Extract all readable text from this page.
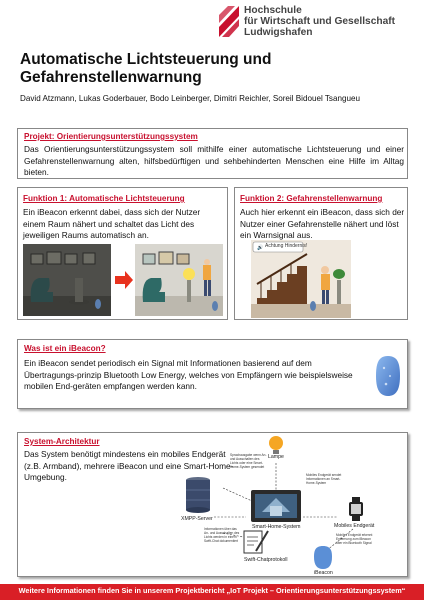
Hochschule
für Wirtschaft und Gesellschaft
Ludwigshafen
Automatische Lichtsteuerung und Gefahrenstellenwarnung
David Atzmann, Lukas Goderbauer, Bodo Leinberger, Dimitri Reichler, Soreil Bidouel Tsangueu
Projekt: Orientierungsunterstützungssystem
Das Orientierungsunterstützungssystem soll mithilfe einer automatische Lichtsteuerung und einer Gefahrenstellenwarnung alten, hilfsbedürftigen und sehbehinderten Menschen eine Hilfe im Alltag bieten.
Funktion 1: Automatische Lichtsteuerung
Ein iBeacon erkennt dabei, dass sich der Nutzer einem Raum nähert und schaltet das Licht des jeweiligen Raums automatisch an.
Funktion 2: Gefahrenstellenwarnung
Auch hier erkennt ein iBeacon, dass sich der Nutzer einer Gefahrenstelle nähert und löst ein Warnsignal aus.
🔊 Achtung Hindernis!
Was ist ein iBeacon?
Ein iBeacon sendet periodisch ein Signal mit Informationen basierend auf dem Übertragungs-prinzip Bluetooth Low Energy, welches von Empfängern wie beispielsweise mobilen End-geräten empfangen werden kann.
System-Architektur
Das System benötigt mindestens ein mobiles Endgerät (z.B. Armband), mehrere iBeacon und eine Smart-Home-Umgebung.
Lampe
XMPP-Server
Smart-Home-System	Mobiles Endgerät
Swift-Chatprotokoll
iBeacon
Sprachausgabe wenn An- und Ausschalten des Lichts oder eine Smart-Home-System gesendet
Mobiles Endgerät sendet Informationen an Smart-Home-System
Informationen über das An- und Ausschalten des Lichts werden in einem Swift-Chat dokumentiert
Mobiles Endgerät erkennt Entfernung zum iBeacon über ein Bluetooth Signal
Weitere Informationen finden Sie in unserem Projektbericht „IoT Projekt – Orientierungsunterstützungssystem“
